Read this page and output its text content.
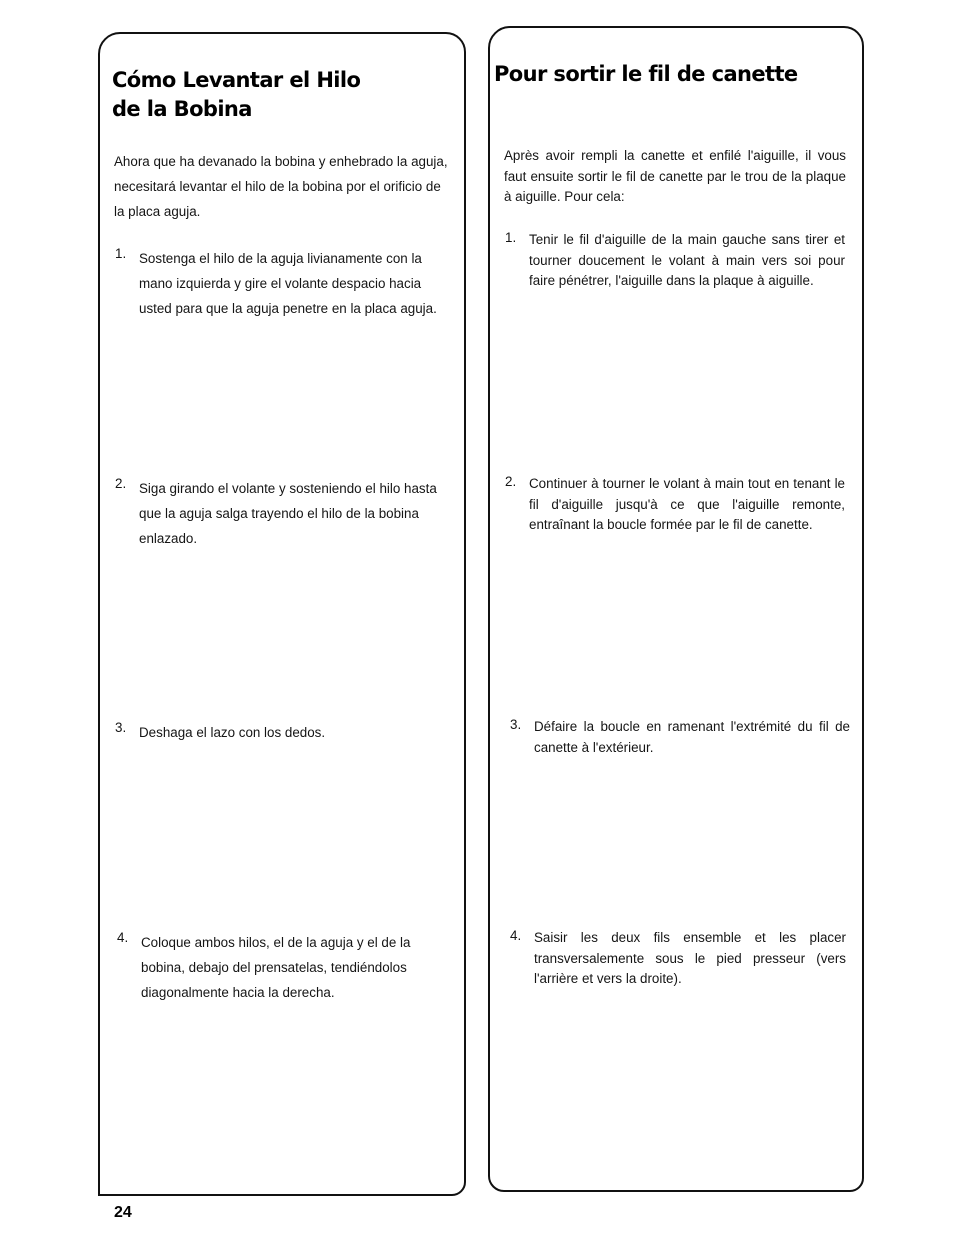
Cómo Levantar el Hilo
de la Bobina

Ahora que ha devanado la bobina y enhebrado la aguja, necesitará levantar el hilo de la bobina por el orificio de la placa aguja.

1. Sostenga el hilo de la aguja livianamente con la mano izquierda y gire el volante despacio hacia usted para que la aguja penetre en la placa aguja.
2. Siga girando el volante y sosteniendo el hilo hasta que la aguja salga trayendo el hilo de la bobina enlazado.
3. Deshaga el lazo con los dedos.
4. Coloque ambos hilos, el de la aguja y el de la bobina, debajo del prensatelas, tendiéndolos diagonalmente hacia la derecha.
Pour sortir le fil de canette

Après avoir rempli la canette et enfilé l'aiguille, il vous faut ensuite sortir le fil de canette par le trou de la plaque à aiguille. Pour cela:

1. Tenir le fil d'aiguille de la main gauche sans tirer et tourner doucement le volant à main vers soi pour faire pénétrer, l'aiguille dans la plaque à aiguille.
2. Continuer à tourner le volant à main tout en tenant le fil d'aiguille jusqu'à ce que l'aiguille remonte, entraînant la boucle formée par le fil de canette.
3. Défaire la boucle en ramenant l'extrémité du fil de canette à l'extérieur.
4. Saisir les deux fils ensemble et les placer transversalemente sous le pied presseur (vers l'arrière et vers la droite).
24
